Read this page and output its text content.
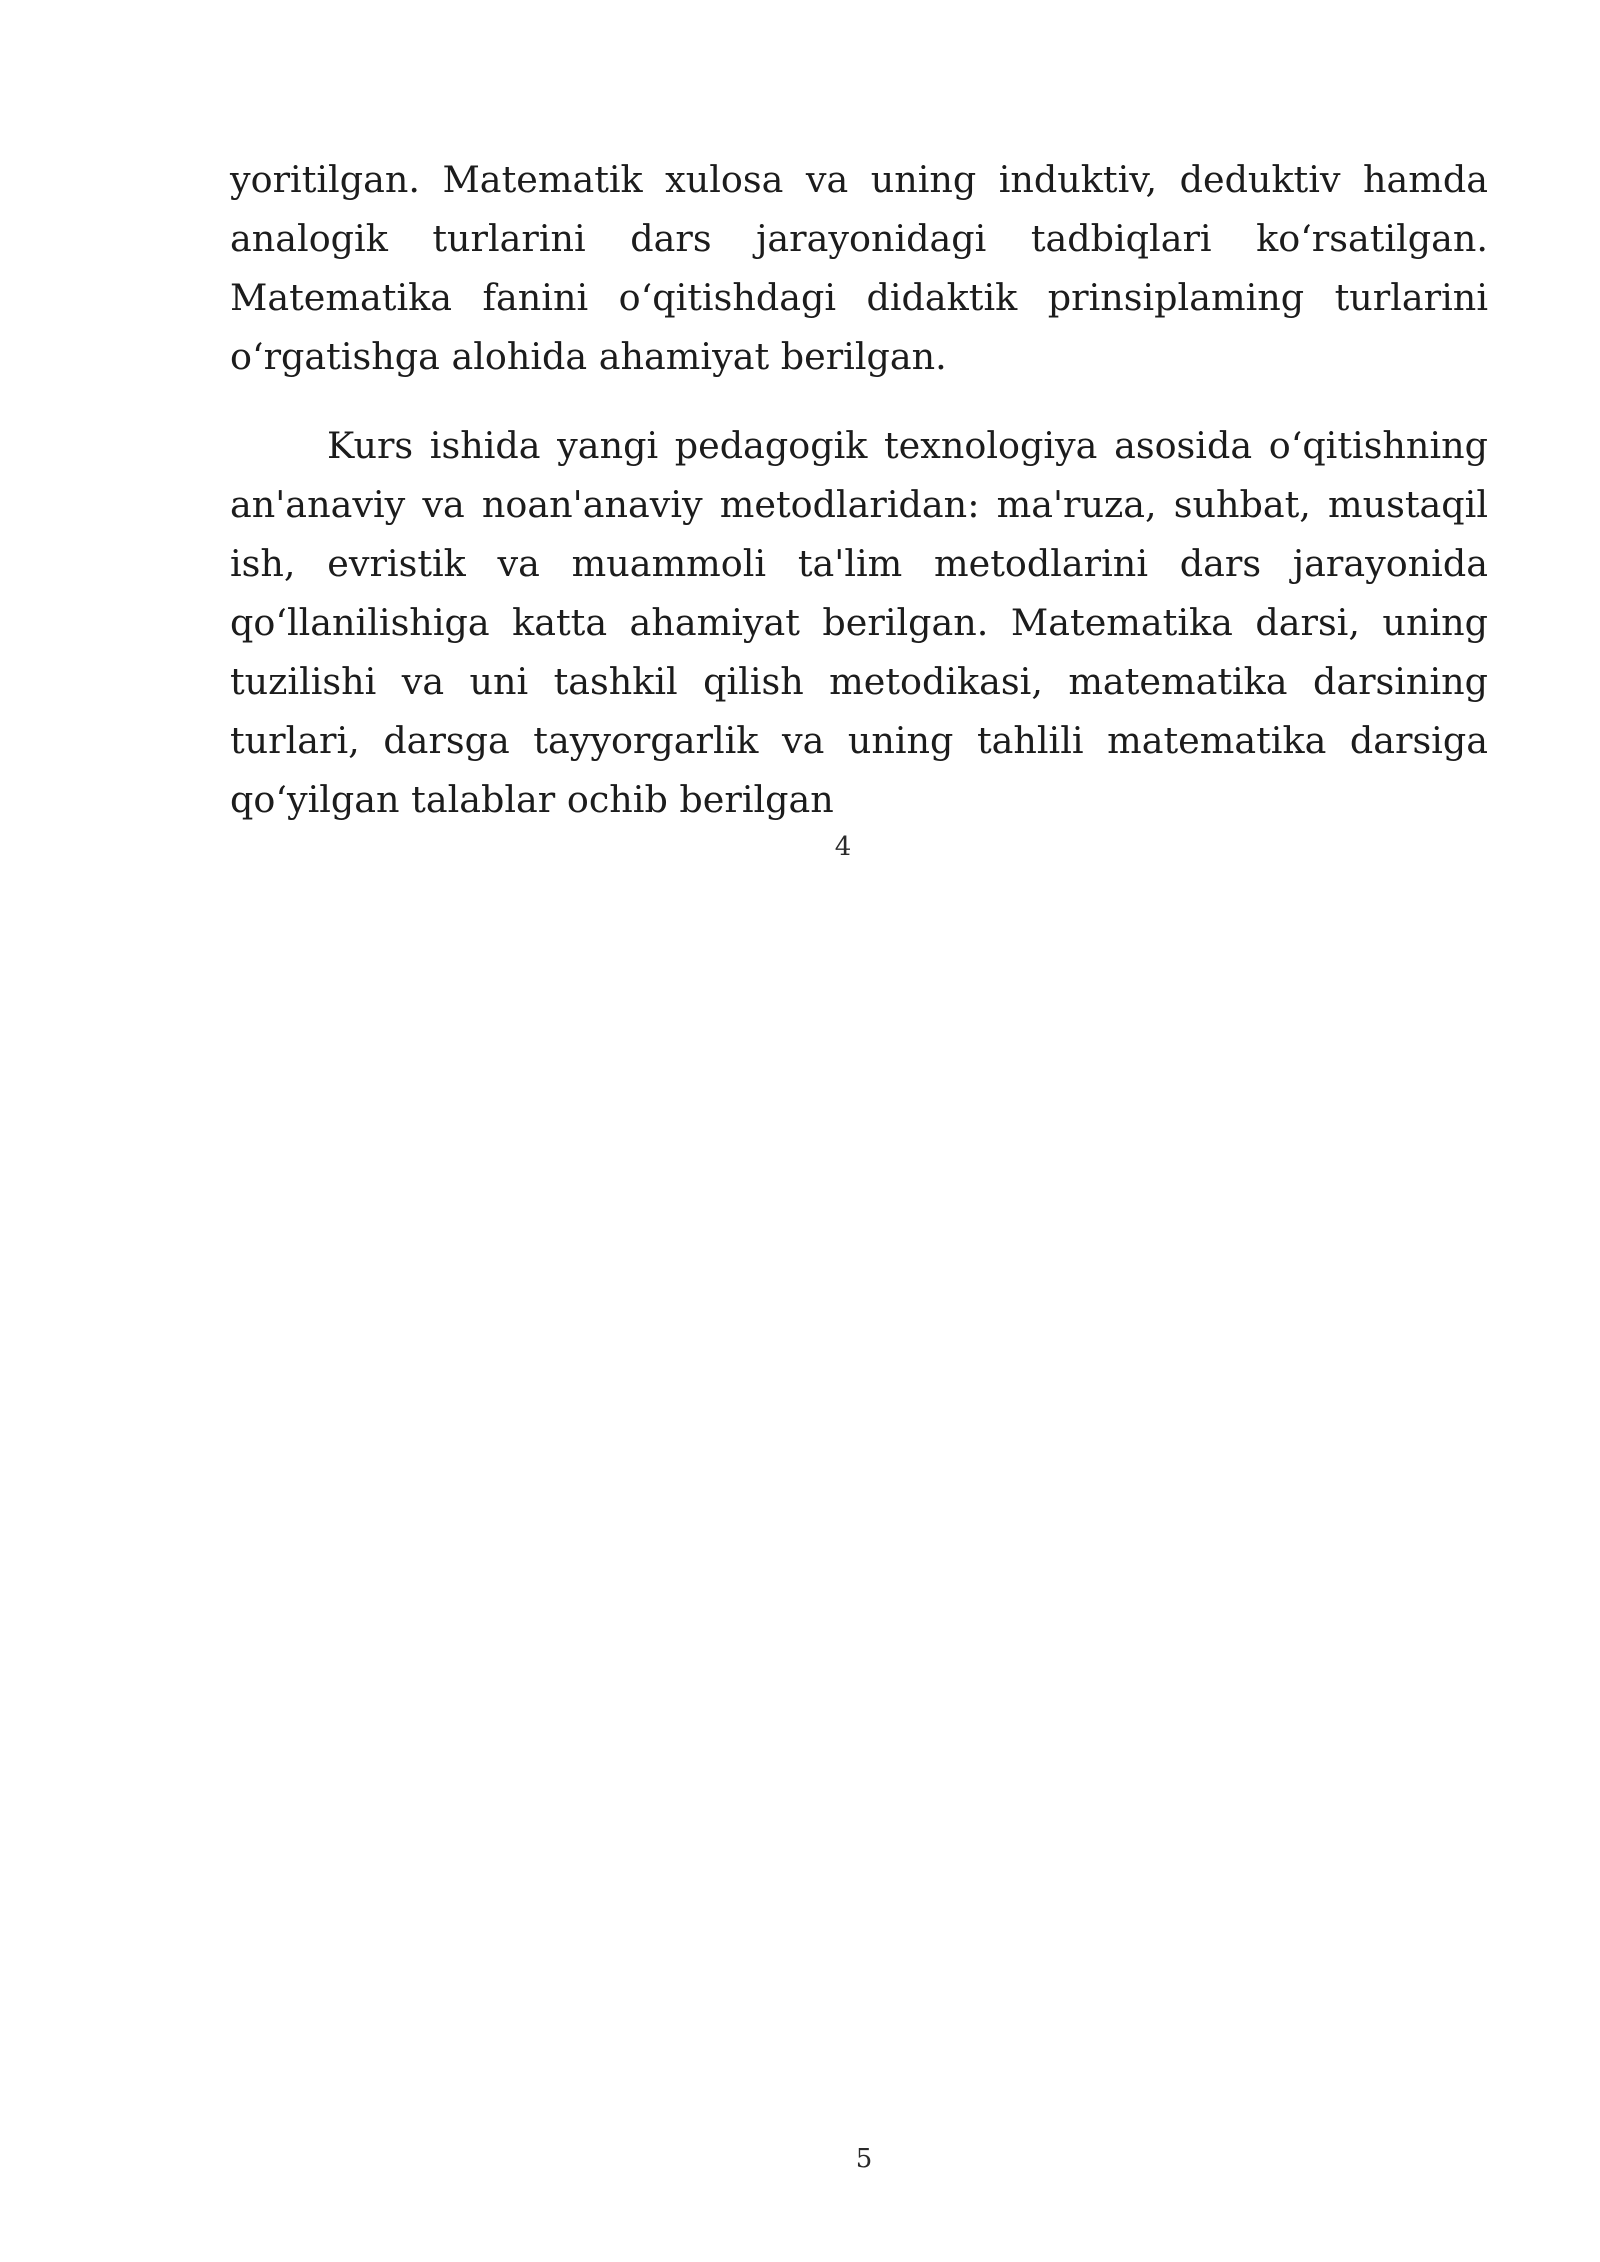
yoritilgan. Matematik xulosa va uning induktiv, deduktiv hamda analogik turlarini dars jarayonidagi tadbiqlari ko‘rsatilgan. Matematika fanini o‘qitishdagi didaktik prinsiplaming turlarini o‘rgatishga alohida ahamiyat berilgan.

Kurs ishida yangi pedagogik texnologiya asosida o‘qitishning an'anaviy va noan'anaviy metodlaridan: ma'ruza, suhbat, mustaqil ish, evristik va muammoli ta'lim metodlarini dars jarayonida qo‘llanilishiga katta ahamiyat berilgan. Matematika darsi, uning tuzilishi va uni tashkil qilish metodikasi, matematika darsining turlari, darsga tayyorgarlik va uning tahlili matematika darsiga qo‘yilgan talablar ochib berilgan

4
5
